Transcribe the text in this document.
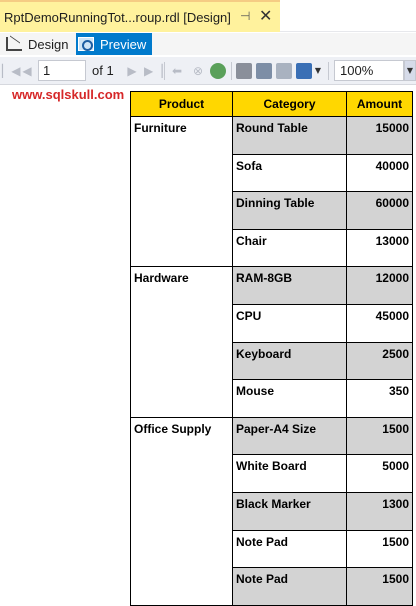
RptDemoRunningTot...roup.rdl [Design] ⊣ ✕
Design Preview
▏◀ ◀ 1	of 1 ▶ ▶▕ ⬅ ⊗	▼	100%	▼
www.sqlskull.com
Product	Category	Amount
Furniture	Round Table	15000
	Sofa	40000
	Dinning Table	60000
	Chair	13000
Hardware	RAM-8GB	12000
	CPU	45000
	Keyboard	2500
	Mouse	350
Office Supply	Paper-A4 Size	1500
	White Board	5000
	Black Marker	1300
	Note Pad	1500
	Note Pad	1500
